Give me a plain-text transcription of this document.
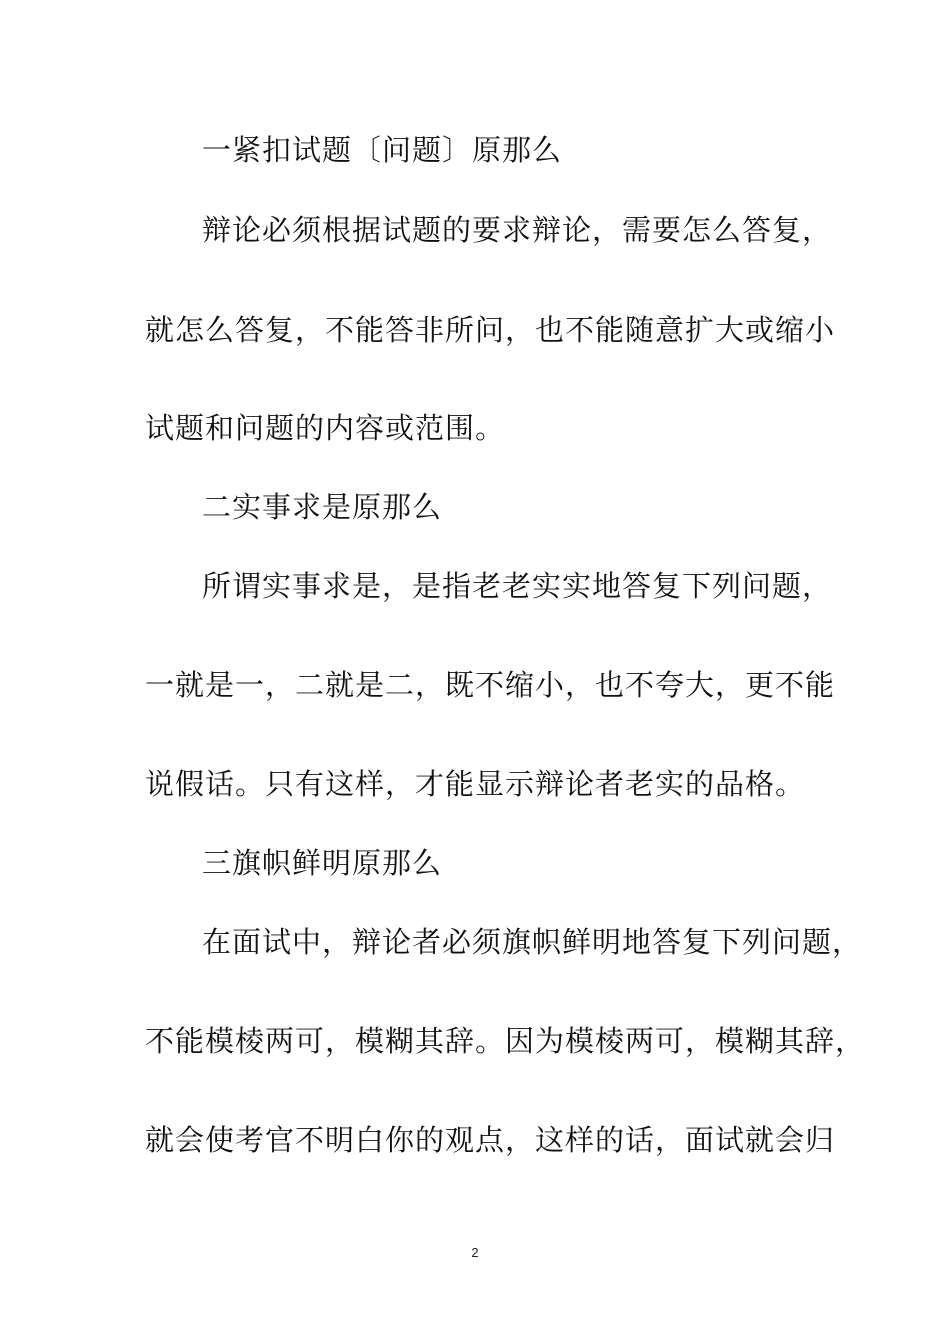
一紧扣试题〔问题〕原那么
辩论必须根据试题的要求辩论，需要怎么答复，
就怎么答复，不能答非所问，也不能随意扩大或缩小
试题和问题的内容或范围。
二实事求是原那么
所谓实事求是，是指老老实实地答复下列问题，
一就是一，二就是二，既不缩小，也不夸大，更不能
说假话。只有这样，才能显示辩论者老实的品格。
三旗帜鲜明原那么
在面试中，辩论者必须旗帜鲜明地答复下列问题，
不能模棱两可，模糊其辞。因为模棱两可，模糊其辞，
就会使考官不明白你的观点，这样的话，面试就会归
2
